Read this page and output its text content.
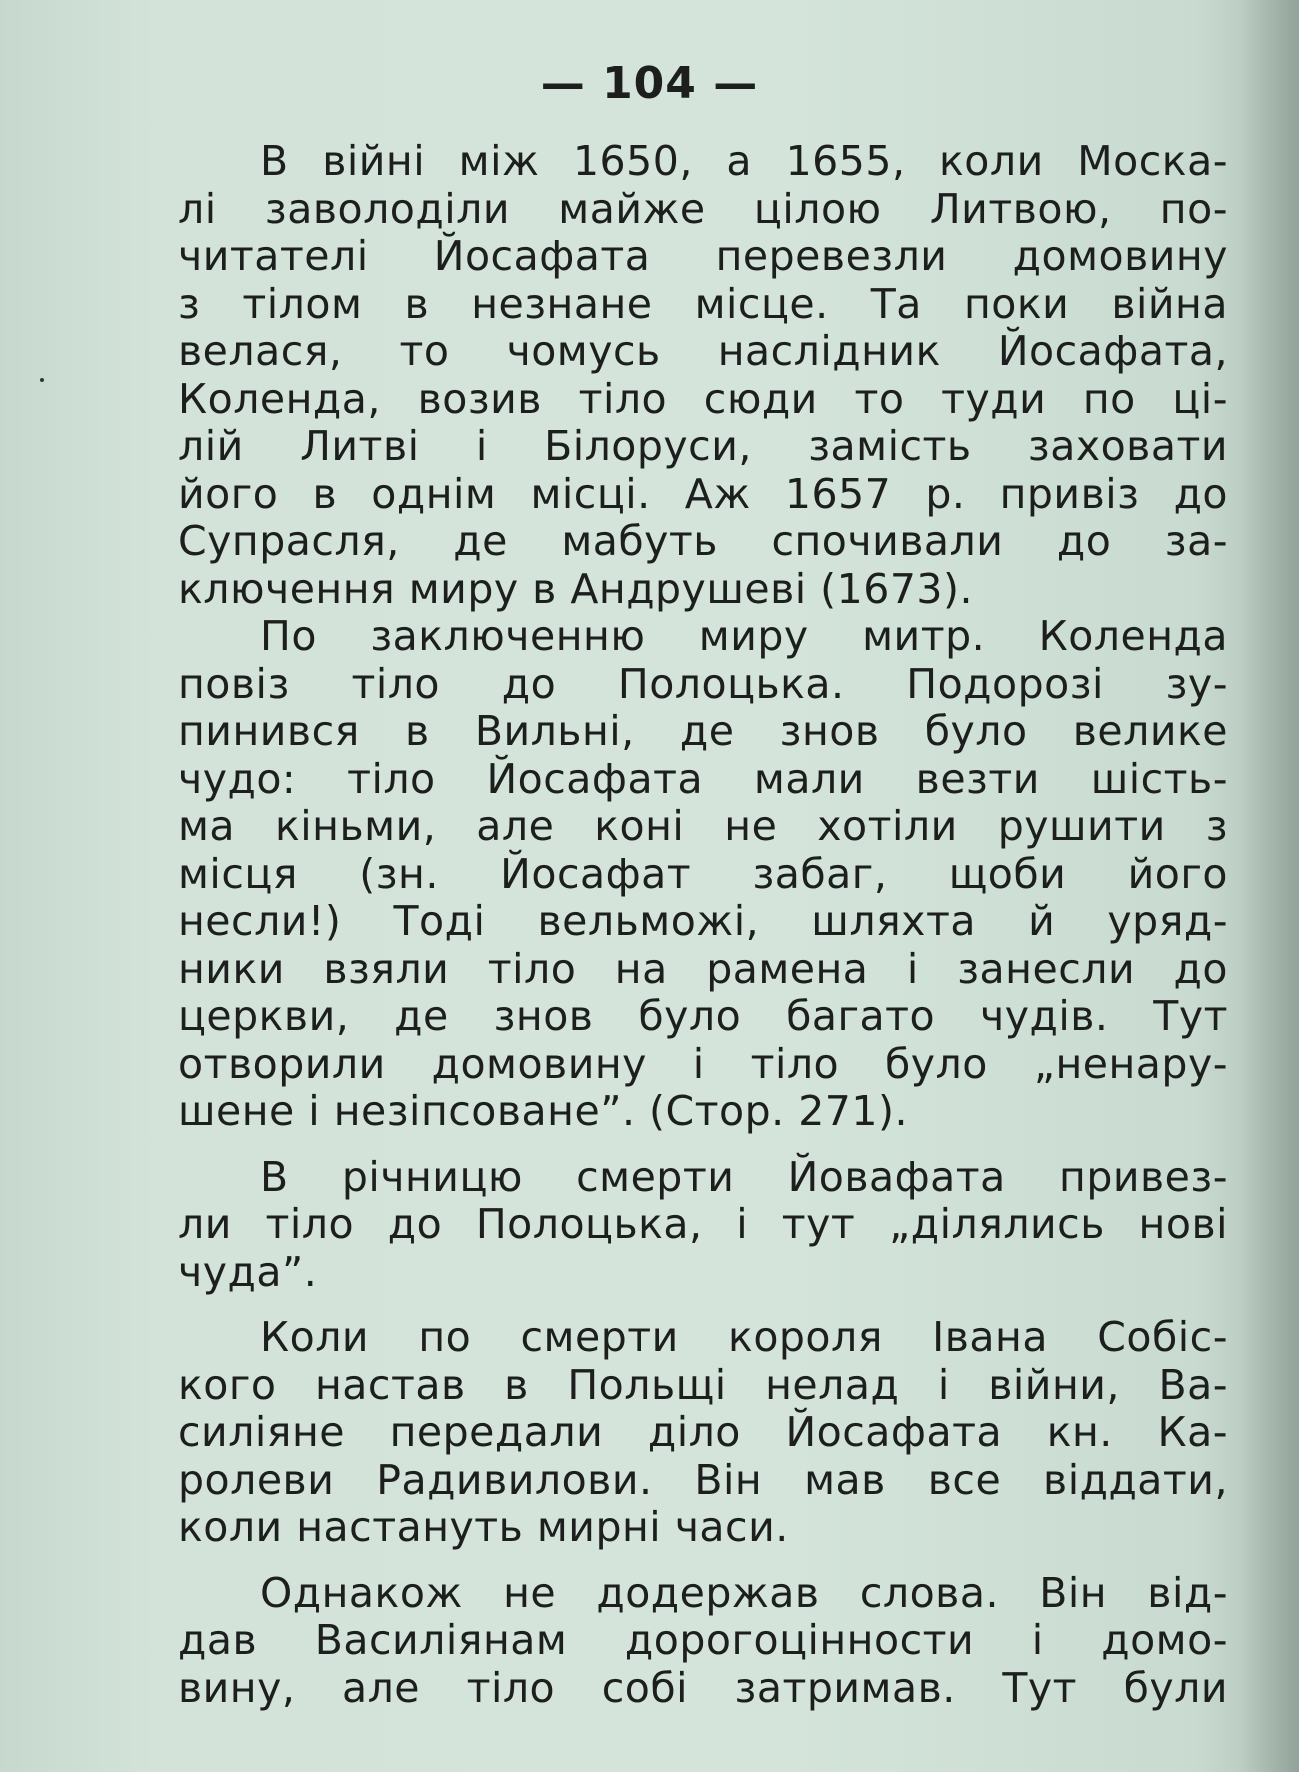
— 104 —
В війні між 1650, а 1655, коли Моска-
лі заволоділи майже цілою Литвою, по-
читателі Йосафата перевезли домовину
з тілом в незнане місце. Та поки війна
велася, то чомусь наслідник Йосафата,
Коленда, возив тіло сюди то туди по ці-
лій Литві і Білоруси, замість заховати
його в однім місці. Аж 1657 р. привіз до
Супрасля, де мабуть спочивали до за-
ключення миру в Андрушеві (1673).
По заключенню миру митр. Коленда
повіз тіло до Полоцька. Подорозі зу-
пинився в Вильні, де знов було велике
чудо: тіло Йосафата мали везти шість-
ма кіньми, але коні не хотіли рушити з
місця (зн. Йосафат забаг, щоби його
несли!) Тоді вельможі, шляхта й уряд-
ники взяли тіло на рамена і занесли до
церкви, де знов було багато чудів. Тут
отворили домовину і тіло було „ненару-
шене і незіпсоване”. (Стор. 271).
В річницю смерти Йовафата привез-
ли тіло до Полоцька, і тут „ділялись нові
чуда”.
Коли по смерти короля Івана Собіс-
кого настав в Польщі нелад і війни, Ва-
силіяне передали діло Йосафата кн. Ка-
ролеви Радивилови. Він мав все віддати,
коли настануть мирні часи.
Однакож не додержав слова. Він від-
дав Василіянам дорогоцінности і домо-
вину, але тіло собі затримав. Тут були
